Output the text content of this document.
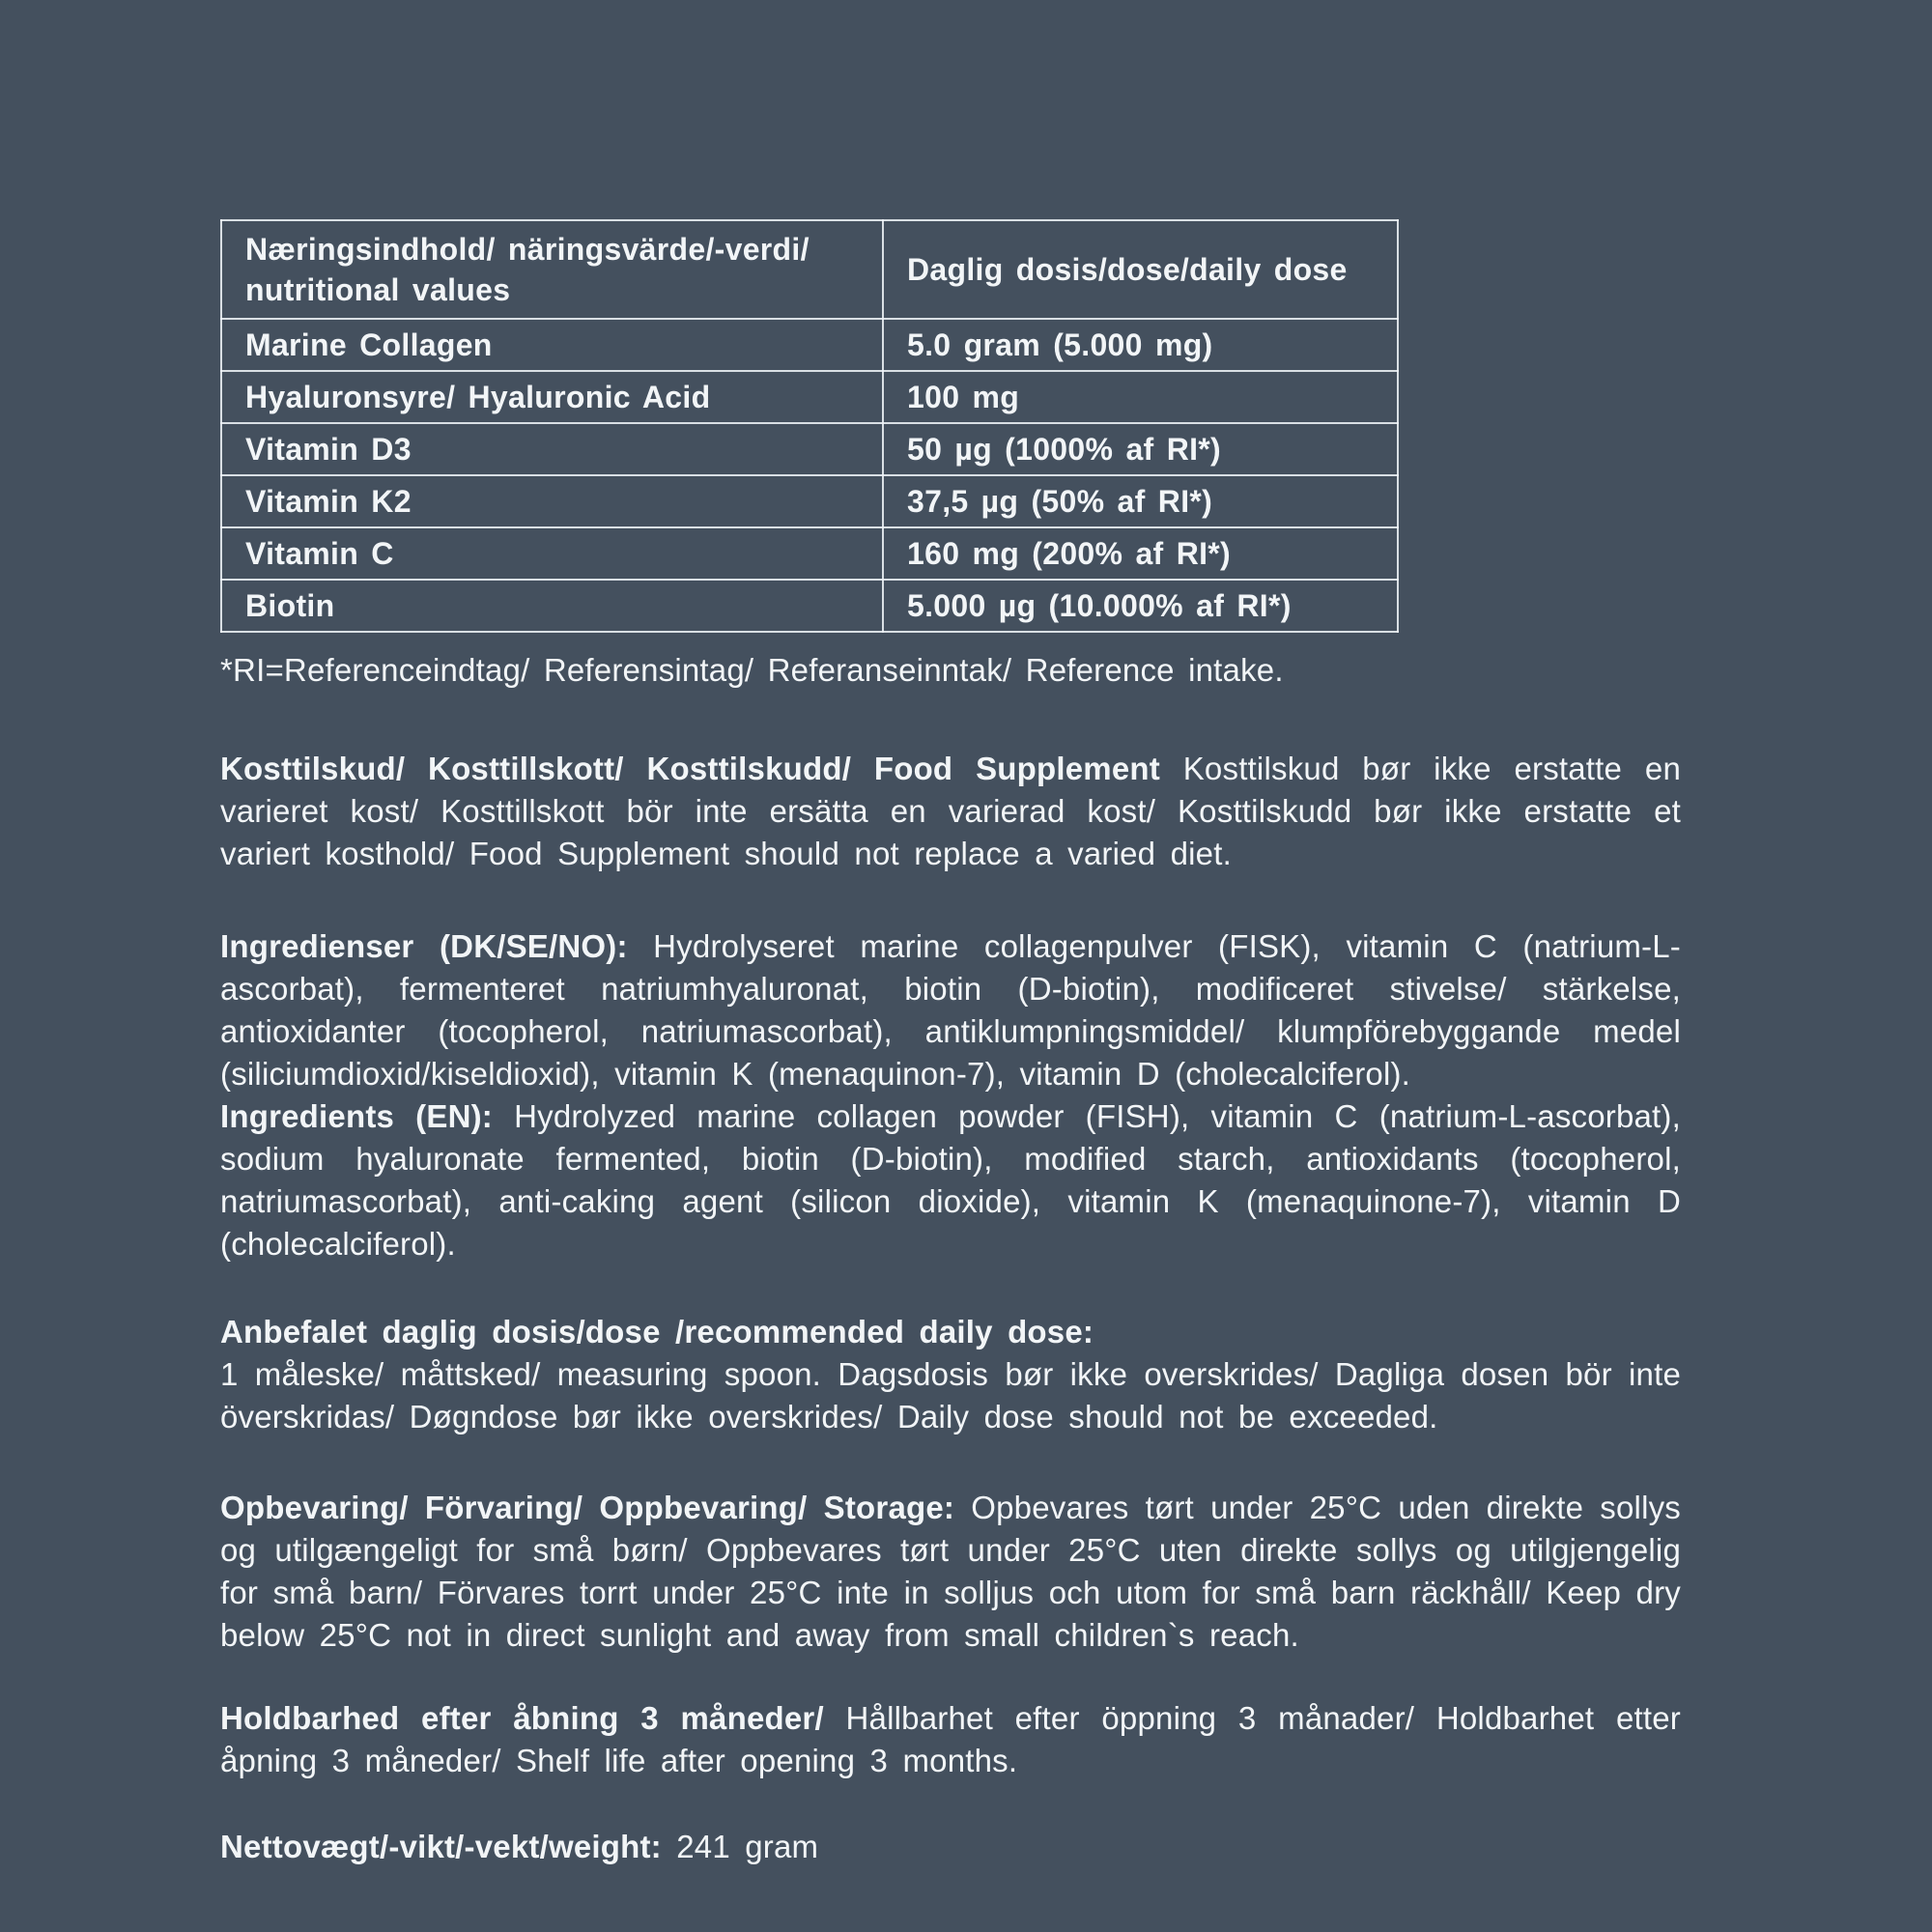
Næringsindhold/ näringsvärde/-verdi/ nutritional values	Daglig dosis/dose/daily dose
Marine Collagen	5.0 gram (5.000 mg)
Hyaluronsyre/ Hyaluronic Acid	100 mg
Vitamin D3	50 µg (1000% af RI*)
Vitamin K2	37,5 µg (50% af RI*)
Vitamin C	160 mg (200% af RI*)
Biotin	5.000 µg (10.000% af RI*)
*RI=Referenceindtag/ Referensintag/ Referanseinntak/ Reference intake.
Kosttilskud/ Kosttillskott/ Kosttilskudd/ Food Supplement Kosttilskud bør ikke erstatte en varieret kost/ Kosttillskott bör inte ersätta en varierad kost/ Kosttilskudd bør ikke erstatte et variert kosthold/ Food Supplement should not replace a varied diet.
Ingredienser (DK/SE/NO): Hydrolyseret marine collagenpulver (FISK), vitamin C (natrium-L-ascorbat), fermenteret natriumhyaluronat, biotin (D-biotin), modificeret stivelse/ stärkelse, antioxidanter (tocopherol, natriumascorbat), antiklumpningsmiddel/ klumpförebyggande medel (siliciumdioxid/kiseldioxid), vitamin K (menaquinon-7), vitamin D (cholecalciferol).
Ingredients (EN): Hydrolyzed marine collagen powder (FISH), vitamin C (natrium-L-ascorbat), sodium hyaluronate fermented, biotin (D-biotin), modified starch, antioxidants (tocopherol, natriumascorbat), anti-caking agent (silicon dioxide), vitamin K (menaquinone-7), vitamin D (cholecalciferol).
Anbefalet daglig dosis/dose /recommended daily dose:
1 måleske/ måttsked/ measuring spoon. Dagsdosis bør ikke overskrides/ Dagliga dosen bör inte överskridas/ Døgndose bør ikke overskrides/ Daily dose should not be exceeded.
Opbevaring/ Förvaring/ Oppbevaring/ Storage: Opbevares tørt under 25°C uden direkte sollys og utilgængeligt for små børn/ Oppbevares tørt under 25°C uten direkte sollys og utilgjengelig for små barn/ Förvares torrt under 25°C inte in solljus och utom for små barn räckhåll/ Keep dry below 25°C not in direct sunlight and away from small children`s reach.
Holdbarhed efter åbning 3 måneder/ Hållbarhet efter öppning 3 månader/ Holdbarhet etter åpning 3 måneder/ Shelf life after opening 3 months.
Nettovægt/-vikt/-vekt/weight: 241 gram
